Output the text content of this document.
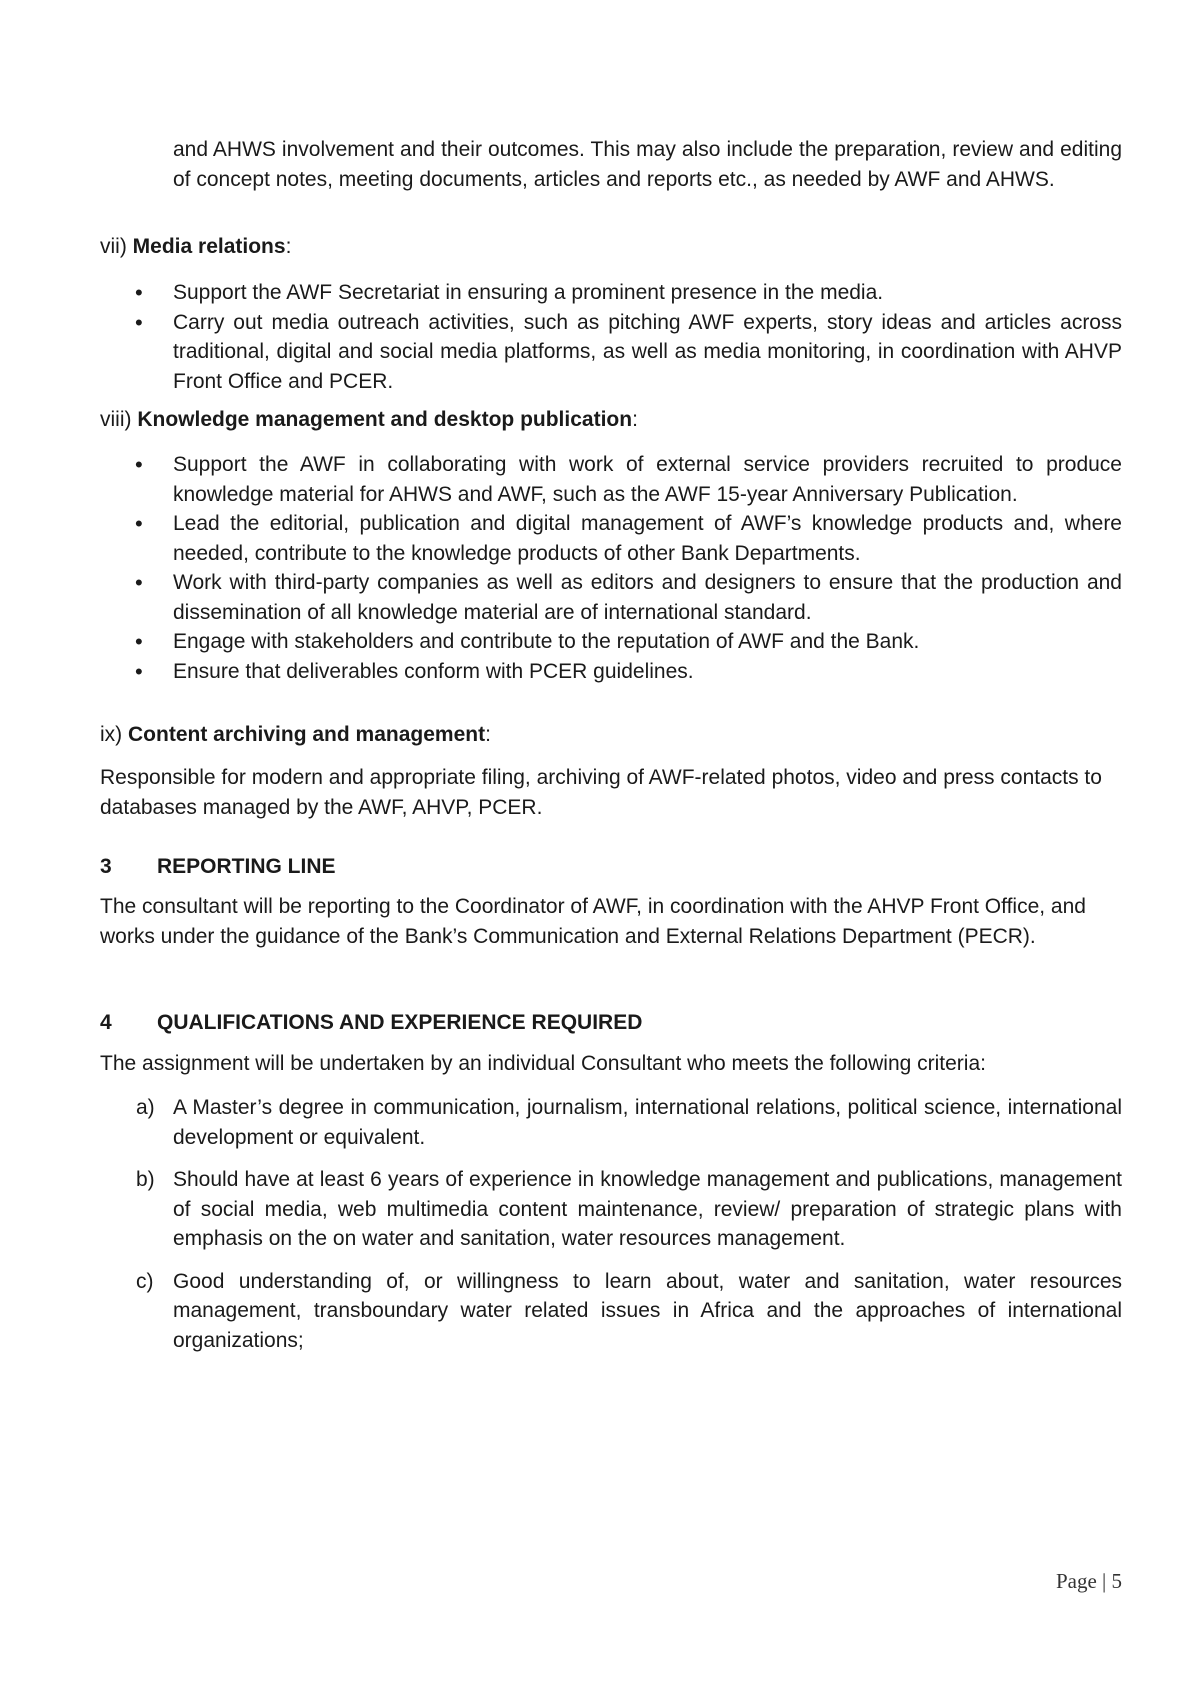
and AHWS involvement and their outcomes. This may also include the preparation, review and editing of concept notes, meeting documents, articles and reports etc., as needed by AWF and AHWS.

vii) Media relations:

• Support the AWF Secretariat in ensuring a prominent presence in the media.
• Carry out media outreach activities, such as pitching AWF experts, story ideas and articles across traditional, digital and social media platforms, as well as media monitoring, in coordination with AHVP Front Office and PCER.

viii) Knowledge management and desktop publication:

• Support the AWF in collaborating with work of external service providers recruited to produce knowledge material for AHWS and AWF, such as the AWF 15-year Anniversary Publication.
• Lead the editorial, publication and digital management of AWF’s knowledge products and, where needed, contribute to the knowledge products of other Bank Departments.
• Work with third-party companies as well as editors and designers to ensure that the production and dissemination of all knowledge material are of international standard.
• Engage with stakeholders and contribute to the reputation of AWF and the Bank.
• Ensure that deliverables conform with PCER guidelines.

ix) Content archiving and management:

Responsible for modern and appropriate filing, archiving of AWF-related photos, video and press contacts to databases managed by the AWF, AHVP, PCER.

3 REPORTING LINE

The consultant will be reporting to the Coordinator of AWF, in coordination with the AHVP Front Office, and works under the guidance of the Bank’s Communication and External Relations Department (PECR).

4 QUALIFICATIONS AND EXPERIENCE REQUIRED

The assignment will be undertaken by an individual Consultant who meets the following criteria:

a) A Master’s degree in communication, journalism, international relations, political science, international development or equivalent.
b) Should have at least 6 years of experience in knowledge management and publications, management of social media, web multimedia content maintenance, review/ preparation of strategic plans with emphasis on the on water and sanitation, water resources management.
c) Good understanding of, or willingness to learn about, water and sanitation, water resources management, transboundary water related issues in Africa and the approaches of international organizations;
Page | 5
